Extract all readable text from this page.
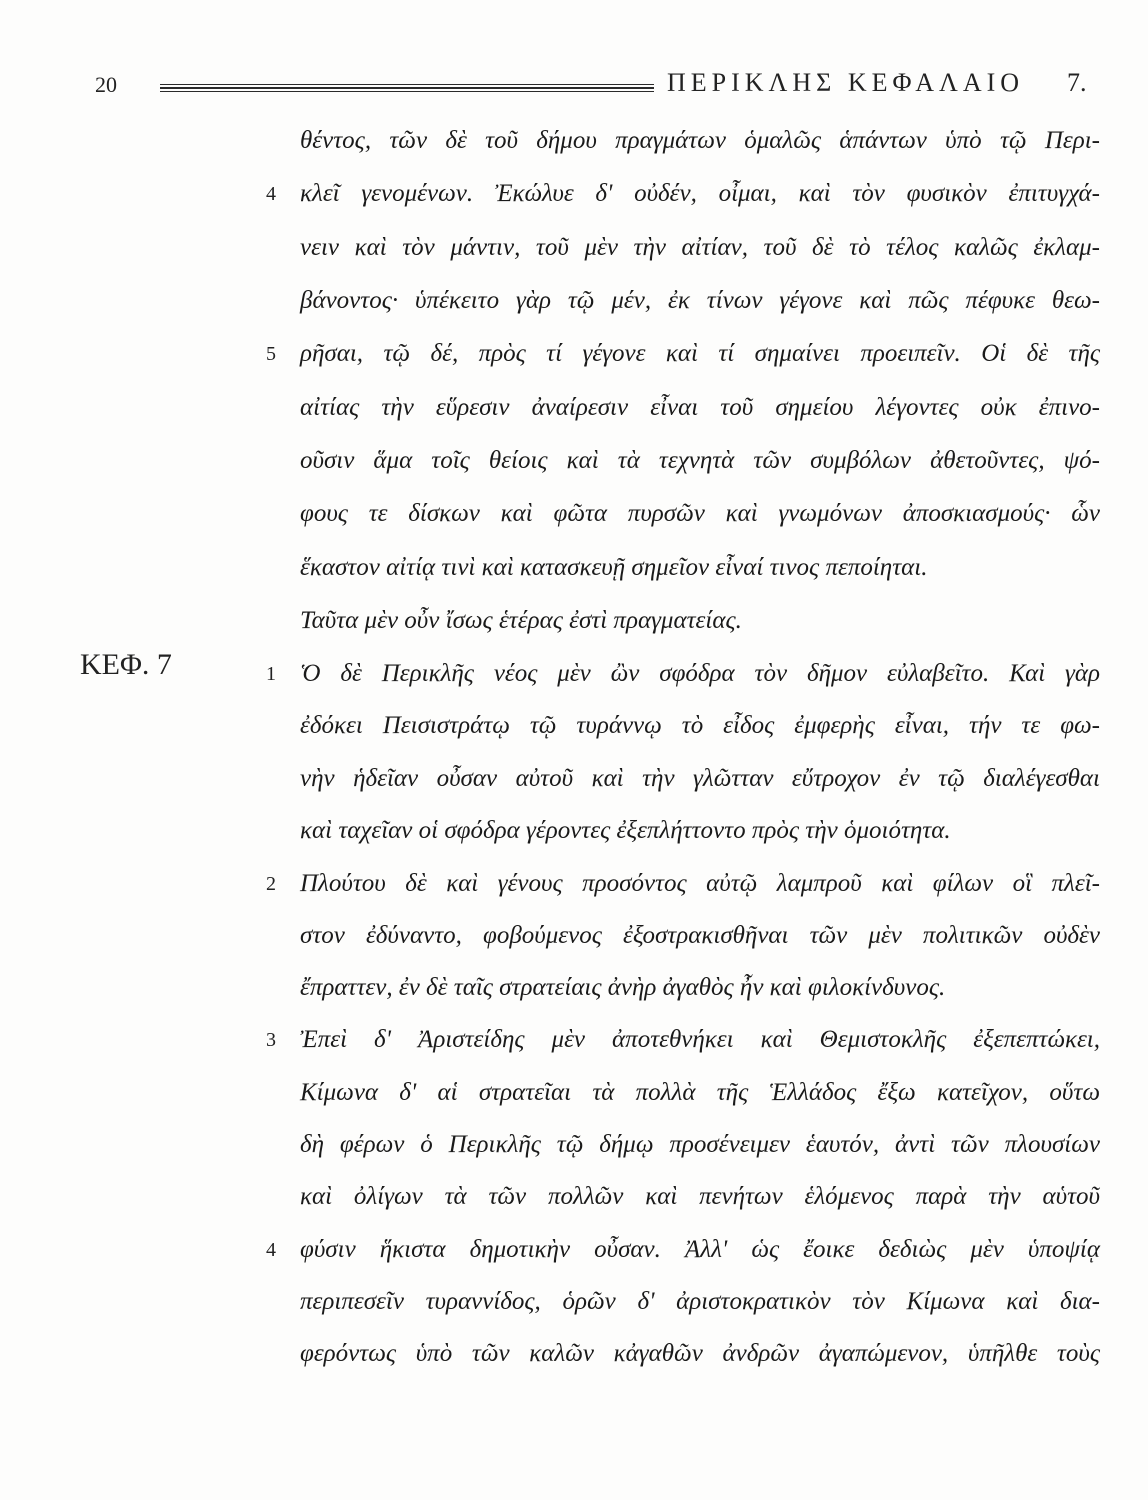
20	ΠΕΡΙΚΛΗΣ ΚΕΦΑΛΑΙΟ 7.
ΚΕΦ. 7
4
5
1
2
3
4
θέντος, τῶν δὲ τοῦ δήμου πραγμάτων ὁμαλῶς ἁπάντων ὑπὸ τῷ Περι-
κλεῖ γενομένων. Ἐκώλυε δ' οὐδέν, οἶμαι, καὶ τὸν φυσικὸν ἐπιτυγχά-
νειν καὶ τὸν μάντιν, τοῦ μὲν τὴν αἰτίαν, τοῦ δὲ τὸ τέλος καλῶς ἐκλαμ-
βάνοντος· ὑπέκειτο γὰρ τῷ μέν, ἐκ τίνων γέγονε καὶ πῶς πέφυκε θεω-
ρῆσαι, τῷ δέ, πρὸς τί γέγονε καὶ τί σημαίνει προειπεῖν. Οἱ δὲ τῆς
αἰτίας τὴν εὕρεσιν ἀναίρεσιν εἶναι τοῦ σημείου λέγοντες οὐκ ἐπινο-
οῦσιν ἅμα τοῖς θείοις καὶ τὰ τεχνητὰ τῶν συμβόλων ἀθετοῦντες, ψό-
φους τε δίσκων καὶ φῶτα πυρσῶν καὶ γνωμόνων ἀποσκιασμούς· ὧν
ἕκαστον αἰτίᾳ τινὶ καὶ κατασκευῇ σημεῖον εἶναί τινος πεποίηται.
Ταῦτα μὲν οὖν ἴσως ἑτέρας ἐστὶ πραγματείας.
Ὁ δὲ Περικλῆς νέος μὲν ὢν σφόδρα τὸν δῆμον εὐλαβεῖτο. Καὶ γὰρ
ἐδόκει Πεισιστράτῳ τῷ τυράννῳ τὸ εἶδος ἐμφερὴς εἶναι, τήν τε φω-
νὴν ἡδεῖαν οὖσαν αὐτοῦ καὶ τὴν γλῶτταν εὔτροχον ἐν τῷ διαλέγεσθαι
καὶ ταχεῖαν οἱ σφόδρα γέροντες ἐξεπλήττοντο πρὸς τὴν ὁμοιότητα.
Πλούτου δὲ καὶ γένους προσόντος αὐτῷ λαμπροῦ καὶ φίλων οἳ πλεῖ-
στον ἐδύναντο, φοβούμενος ἐξοστρακισθῆναι τῶν μὲν πολιτικῶν οὐδὲν
ἔπραττεν, ἐν δὲ ταῖς στρατείαις ἀνὴρ ἀγαθὸς ἦν καὶ φιλοκίνδυνος.
Ἐπεὶ δ' Ἀριστείδης μὲν ἀποτεθνήκει καὶ Θεμιστοκλῆς ἐξεπεπτώκει,
Κίμωνα δ' αἱ στρατεῖαι τὰ πολλὰ τῆς Ἑλλάδος ἔξω κατεῖχον, οὕτω
δὴ φέρων ὁ Περικλῆς τῷ δήμῳ προσένειμεν ἑαυτόν, ἀντὶ τῶν πλουσίων
καὶ ὀλίγων τὰ τῶν πολλῶν καὶ πενήτων ἑλόμενος παρὰ τὴν αὑτοῦ
φύσιν ἥκιστα δημοτικὴν οὖσαν. Ἀλλ' ὡς ἔοικε δεδιὼς μὲν ὑποψίᾳ
περιπεσεῖν τυραννίδος, ὁρῶν δ' ἀριστοκρατικὸν τὸν Κίμωνα καὶ δια-
φερόντως ὑπὸ τῶν καλῶν κἀγαθῶν ἀνδρῶν ἀγαπώμενον, ὑπῆλθε τοὺς
